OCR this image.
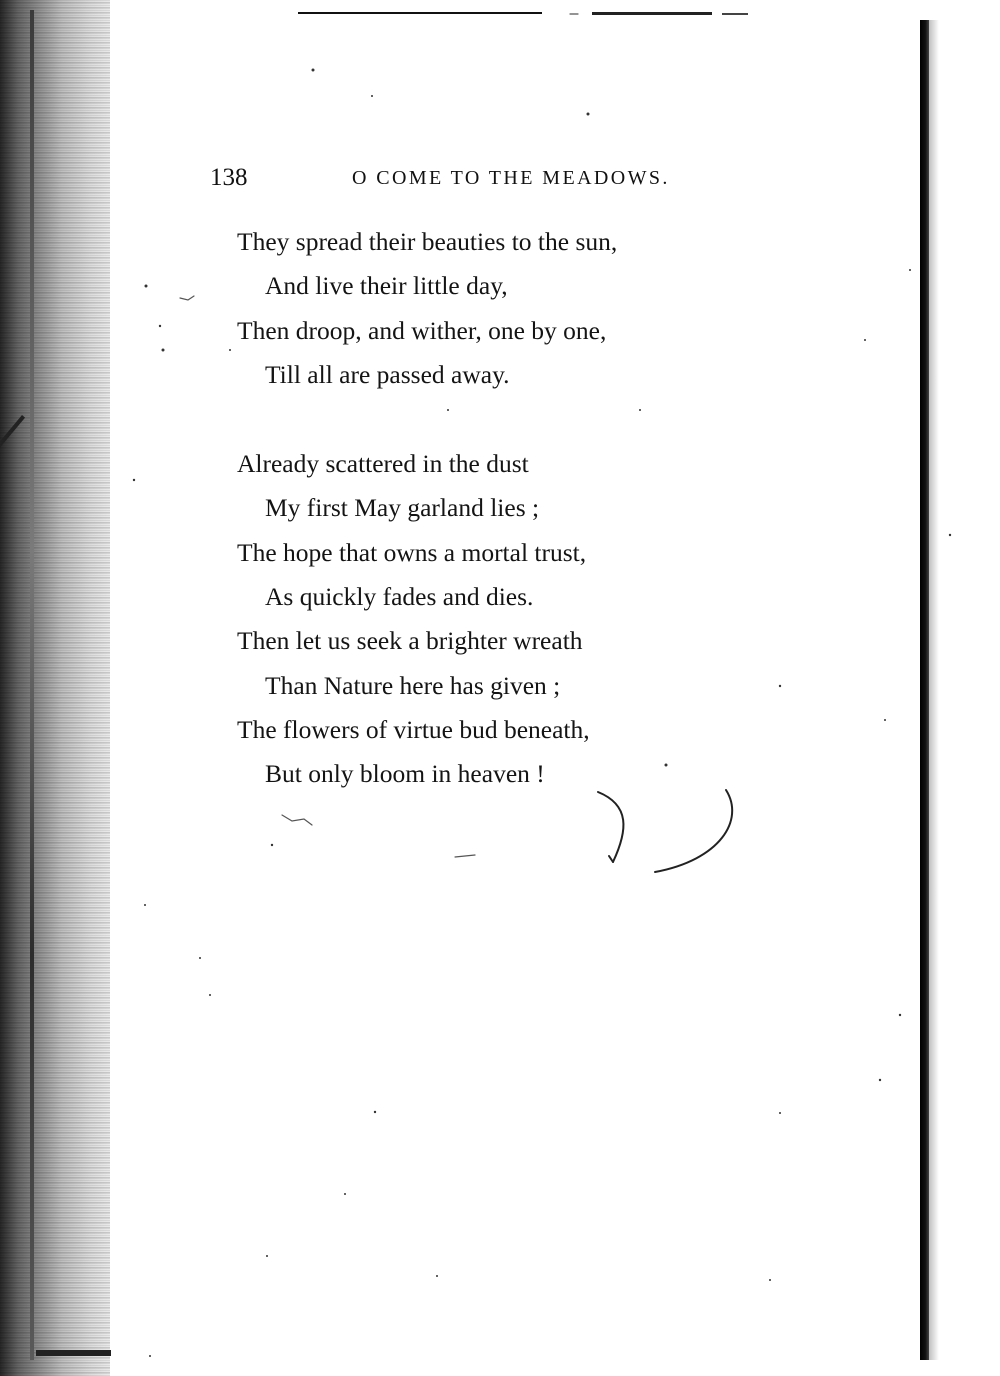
138	O COME TO THE MEADOWS.
They spread their beauties to the sun,
And live their little day,
Then droop, and wither, one by one,
Till all are passed away.
Already scattered in the dust
My first May garland lies ;
The hope that owns a mortal trust,
As quickly fades and dies.
Then let us seek a brighter wreath
Than Nature here has given ;
The flowers of virtue bud beneath,
But only bloom in heaven !
